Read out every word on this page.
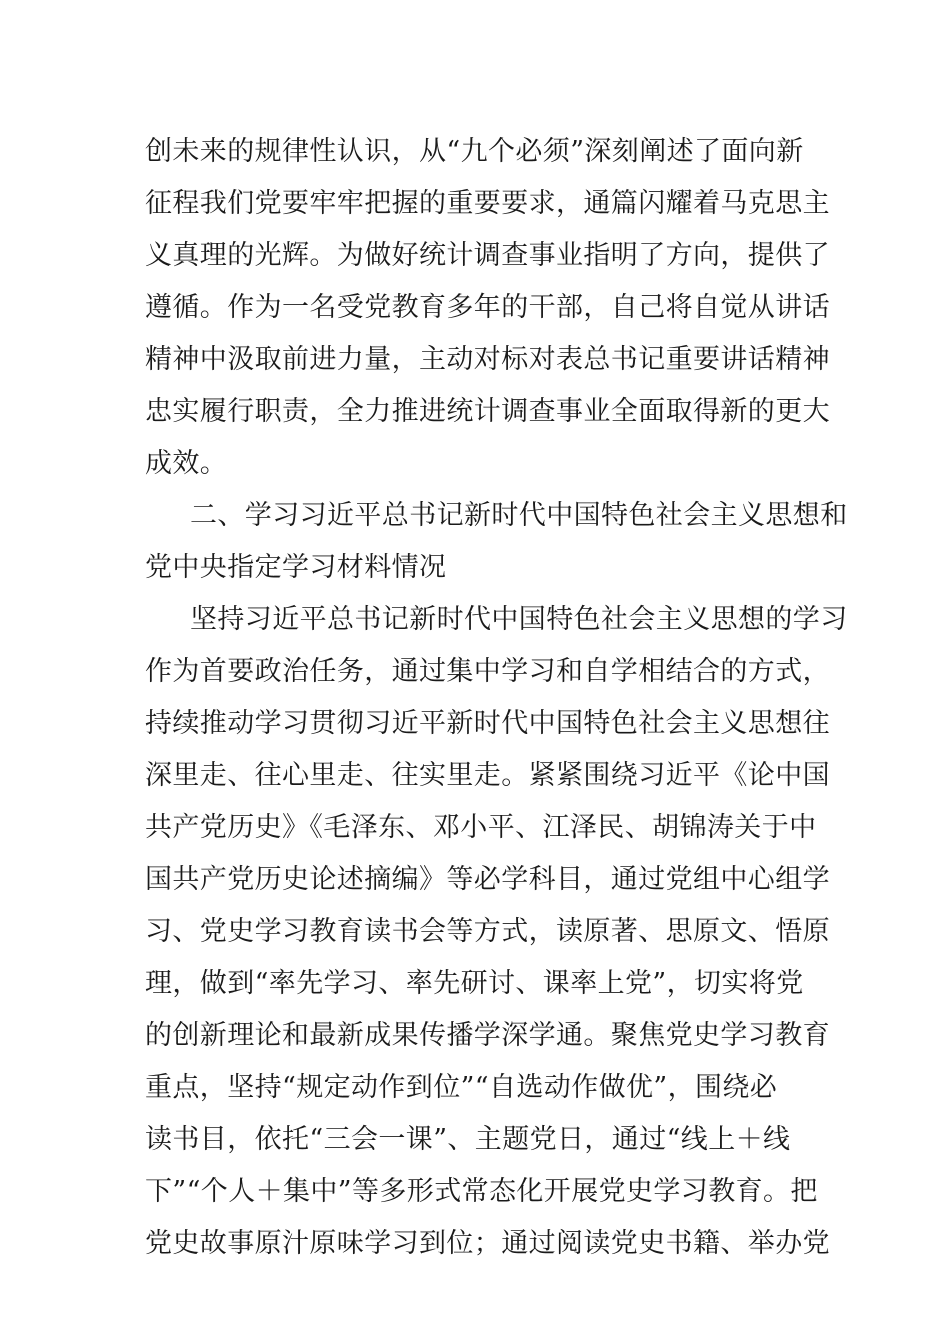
创未来的规律性认识，从“九个必须”深刻阐述了面向新
征程我们党要牢牢把握的重要要求，通篇闪耀着马克思主
义真理的光辉。为做好统计调查事业指明了方向，提供了
遵循。作为一名受党教育多年的干部，自己将自觉从讲话
精神中汲取前进力量，主动对标对表总书记重要讲话精神
忠实履行职责，全力推进统计调查事业全面取得新的更大
成效。
二、学习习近平总书记新时代中国特色社会主义思想和
党中央指定学习材料情况
坚持习近平总书记新时代中国特色社会主义思想的学习
作为首要政治任务，通过集中学习和自学相结合的方式，
持续推动学习贯彻习近平新时代中国特色社会主义思想往
深里走、往心里走、往实里走。紧紧围绕习近平《论中国
共产党历史》《毛泽东、邓小平、江泽民、胡锦涛关于中
国共产党历史论述摘编》等必学科目，通过党组中心组学
习、党史学习教育读书会等方式，读原著、思原文、悟原
理，做到“率先学习、率先研讨、课率上党”，切实将党
的创新理论和最新成果传播学深学通。聚焦党史学习教育
重点，坚持“规定动作到位”“自选动作做优”，围绕必
读书目，依托“三会一课”、主题党日，通过“线上＋线
下”“个人＋集中”等多形式常态化开展党史学习教育。把
党史故事原汁原味学习到位；通过阅读党史书籍、举办党
